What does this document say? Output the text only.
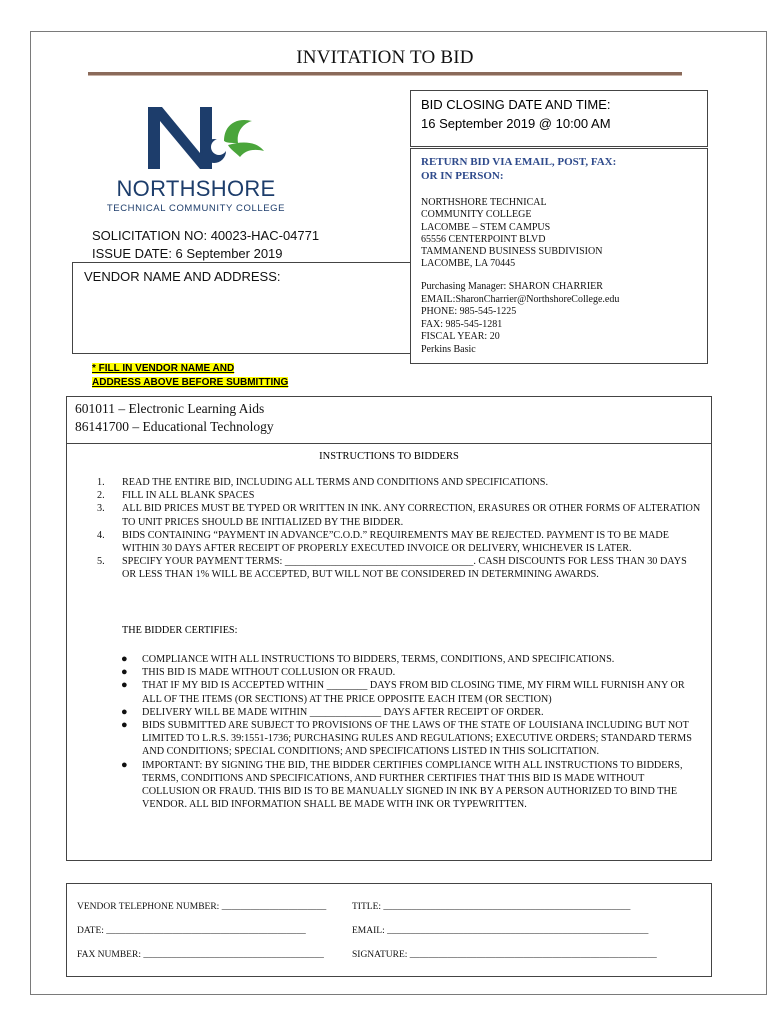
INVITATION TO BID
NORTHSHORE
TECHNICAL COMMUNITY COLLEGE
SOLICITATION NO: 40023-HAC-04771
ISSUE DATE: 6 September 2019
VENDOR NAME AND ADDRESS:
* FILL IN VENDOR NAME AND
ADDRESS ABOVE BEFORE SUBMITTING
BID CLOSING DATE AND TIME:
16 September 2019 @ 10:00 AM
RETURN BID VIA EMAIL, POST, FAX:
OR IN PERSON:
NORTHSHORE TECHNICAL
COMMUNITY COLLEGE
LACOMBE – STEM CAMPUS
65556 CENTERPOINT BLVD
TAMMANEND BUSINESS SUBDIVISION
LACOMBE, LA 70445
Purchasing Manager: SHARON CHARRIER
EMAIL:SharonCharrier@NorthshoreCollege.edu
PHONE: 985-545-1225
FAX: 985-545-1281
FISCAL YEAR: 20
Perkins Basic
601011 – Electronic Learning Aids
86141700 – Educational Technology
INSTRUCTIONS TO BIDDERS
1. READ THE ENTIRE BID, INCLUDING ALL TERMS AND CONDITIONS AND SPECIFICATIONS.
2. FILL IN ALL BLANK SPACES
3. ALL BID PRICES MUST BE TYPED OR WRITTEN IN INK. ANY CORRECTION, ERASURES OR OTHER FORMS OF ALTERATION TO UNIT PRICES SHOULD BE INITIALIZED BY THE BIDDER.
4. BIDS CONTAINING “PAYMENT IN ADVANCE”C.O.D.” REQUIREMENTS MAY BE REJECTED. PAYMENT IS TO BE MADE WITHIN 30 DAYS AFTER RECEIPT OF PROPERLY EXECUTED INVOICE OR DELIVERY, WHICHEVER IS LATER.
5. SPECIFY YOUR PAYMENT TERMS: _____________________________________. CASH DISCOUNTS FOR LESS THAN 30 DAYS OR LESS THAN 1% WILL BE ACCEPTED, BUT WILL NOT BE CONSIDERED IN DETERMINING AWARDS.
THE BIDDER CERTIFIES:
● COMPLIANCE WITH ALL INSTRUCTIONS TO BIDDERS, TERMS, CONDITIONS, AND SPECIFICATIONS.
● THIS BID IS MADE WITHOUT COLLUSION OR FRAUD.
● THAT IF MY BID IS ACCEPTED WITHIN ________ DAYS FROM BID CLOSING TIME, MY FIRM WILL FURNISH ANY OR ALL OF THE ITEMS (OR SECTIONS) AT THE PRICE OPPOSITE EACH ITEM (OR SECTION)
● DELIVERY WILL BE MADE WITHIN ______________ DAYS AFTER RECEIPT OF ORDER.
● BIDS SUBMITTED ARE SUBJECT TO PROVISIONS OF THE LAWS OF THE STATE OF LOUISIANA INCLUDING BUT NOT LIMITED TO L.R.S. 39:1551-1736; PURCHASING RULES AND REGULATIONS; EXECUTIVE ORDERS; STANDARD TERMS AND CONDITIONS; SPECIAL CONDITIONS; AND SPECIFICATIONS LISTED IN THIS SOLICITATION.
● IMPORTANT: BY SIGNING THE BID, THE BIDDER CERTIFIES COMPLIANCE WITH ALL INSTRUCTIONS TO BIDDERS, TERMS, CONDITIONS AND SPECIFICATIONS, AND FURTHER CERTIFIES THAT THIS BID IS MADE WITHOUT COLLUSION OR FRAUD. THIS BID IS TO BE MANUALLY SIGNED IN INK BY A PERSON AUTHORIZED TO BIND THE VENDOR. ALL BID INFORMATION SHALL BE MADE WITH INK OR TYPEWRITTEN.
VENDOR TELEPHONE NUMBER: ______________________	TITLE: ____________________________________________________
DATE: __________________________________________	EMAIL: _______________________________________________________
FAX NUMBER: ______________________________________	SIGNATURE: ____________________________________________________
